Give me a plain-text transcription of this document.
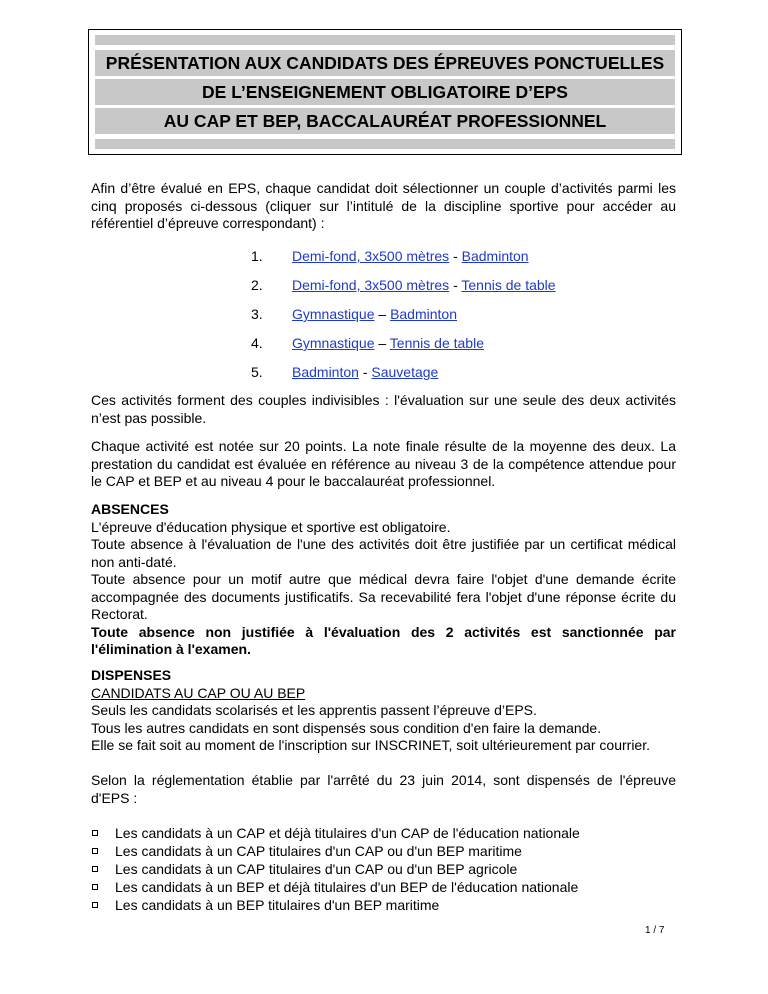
PRÉSENTATION AUX CANDIDATS DES ÉPREUVES PONCTUELLES
DE L’ENSEIGNEMENT OBLIGATOIRE D’EPS
AU CAP ET BEP, BACCALAURÉAT PROFESSIONNEL
Afin d’être évalué en EPS, chaque candidat doit sélectionner un couple d’activités parmi les cinq proposés ci-dessous (cliquer sur l’intitulé de la discipline sportive pour accéder au référentiel d’épreuve correspondant) :
1. Demi-fond, 3x500 mètres - Badminton
2. Demi-fond, 3x500 mètres - Tennis de table
3. Gymnastique – Badminton
4. Gymnastique – Tennis de table
5. Badminton - Sauvetage
Ces activités forment des couples indivisibles : l'évaluation sur une seule des deux activités n’est pas possible.
Chaque activité est notée sur 20 points. La note finale résulte de la moyenne des deux. La prestation du candidat est évaluée en référence au niveau 3 de la compétence attendue pour le CAP et BEP et au niveau 4 pour le baccalauréat professionnel.
ABSENCES
L'épreuve d'éducation physique et sportive est obligatoire.
Toute absence à l'évaluation de l'une des activités doit être justifiée par un certificat médical non anti-daté.
Toute absence pour un motif autre que médical devra faire l'objet d'une demande écrite accompagnée des documents justificatifs. Sa recevabilité fera l'objet d'une réponse écrite du Rectorat.
Toute absence non justifiée à l'évaluation des 2 activités est sanctionnée par l'élimination à l'examen.
DISPENSES
CANDIDATS AU CAP OU AU BEP
Seuls les candidats scolarisés et les apprentis passent l’épreuve d’EPS.
Tous les autres candidats en sont dispensés sous condition d'en faire la demande.
Elle se fait soit au moment de l'inscription sur INSCRINET, soit ultérieurement par courrier.
Selon la réglementation établie par l'arrêté du 23 juin 2014, sont dispensés de l'épreuve d'EPS :
Les candidats à un CAP et déjà titulaires d'un CAP de l'éducation nationale
Les candidats à un CAP titulaires d'un CAP ou d'un BEP maritime
Les candidats à un CAP titulaires d'un CAP ou d'un BEP agricole
Les candidats à un BEP et déjà titulaires d'un BEP de l'éducation nationale
Les candidats à un BEP titulaires d'un BEP maritime
1 / 7
